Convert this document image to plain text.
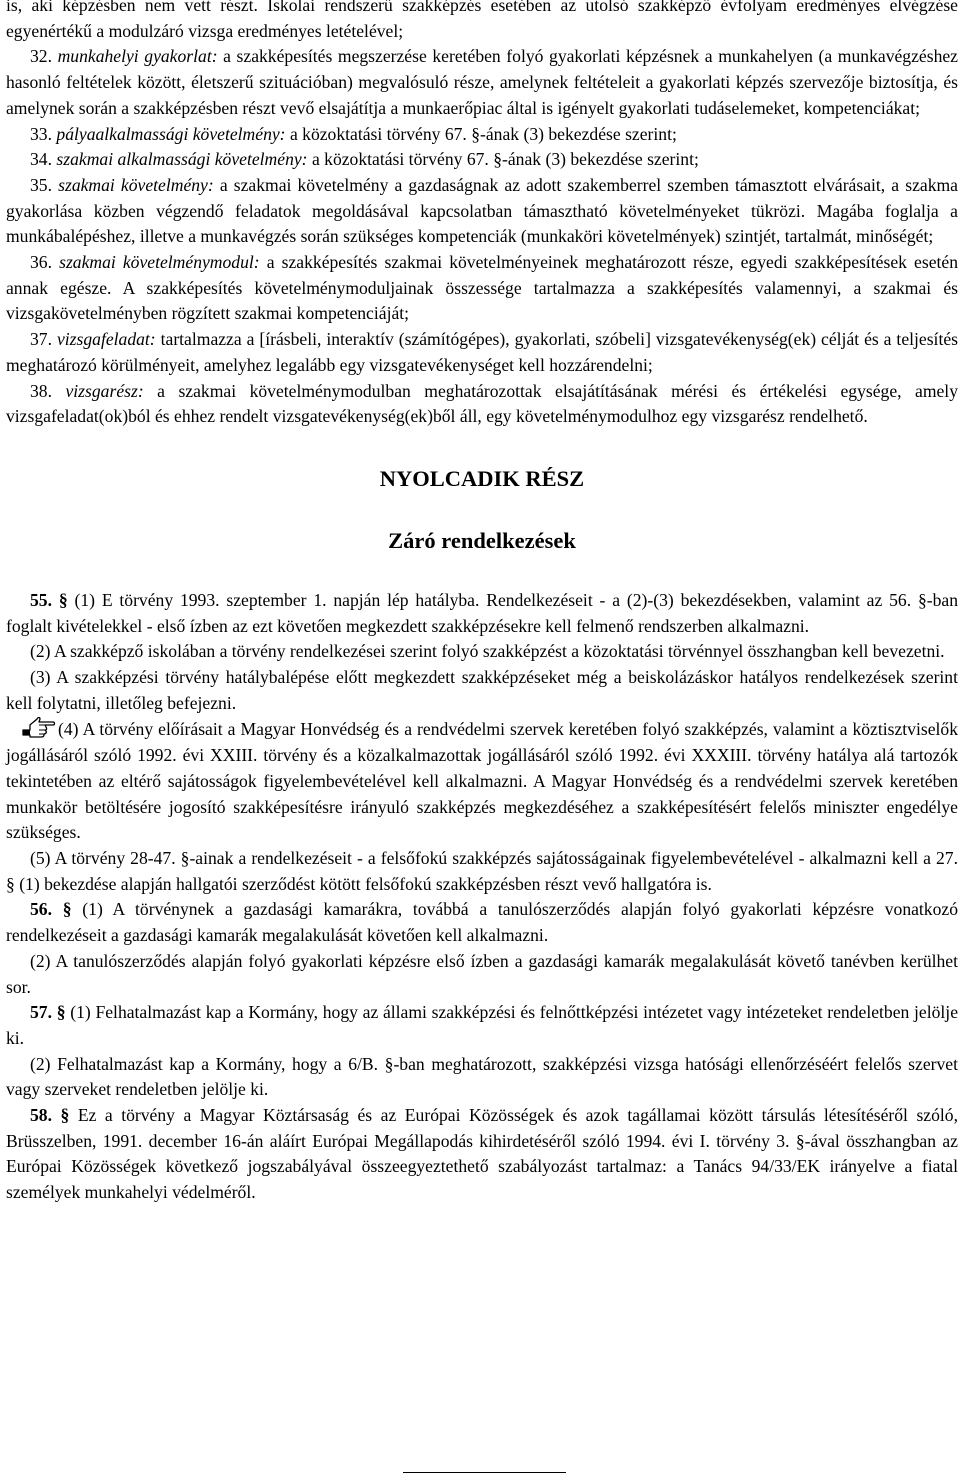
is, aki képzésben nem vett részt. Iskolai rendszerű szakképzés esetében az utolsó szakképző évfolyam eredményes elvégzése egyenértékű a modulzáró vizsga eredményes letételével;

32. munkahelyi gyakorlat: a szakképesítés megszerzése keretében folyó gyakorlati képzésnek a munkahelyen (a munkavégzéshez hasonló feltételek között, életszerű szituációban) megvalósuló része, amelynek feltételeit a gyakorlati képzés szervezője biztosítja, és amelynek során a szakképzésben részt vevő elsajátítja a munkaerőpiac által is igényelt gyakorlati tudáselemeket, kompetenciákat;

33. pályaalkalmassági követelmény: a közoktatási törvény 67. §-ának (3) bekezdése szerint;

34. szakmai alkalmassági követelmény: a közoktatási törvény 67. §-ának (3) bekezdése szerint;

35. szakmai követelmény: a szakmai követelmény a gazdaságnak az adott szakemberrel szemben támasztott elvárásait, a szakma gyakorlása közben végzendő feladatok megoldásával kapcsolatban támasztható követelményeket tükrözi. Magába foglalja a munkábalépéshez, illetve a munkavégzés során szükséges kompetenciák (munkaköri követelmények) szintjét, tartalmát, minőségét;

36. szakmai követelménymodul: a szakképesítés szakmai követelményeinek meghatározott része, egyedi szakképesítések esetén annak egésze. A szakképesítés követelménymoduljainak összessége tartalmazza a szakképesítés valamennyi, a szakmai és vizsgakövetelményben rögzített szakmai kompetenciáját;

37. vizsgafeladat: tartalmazza a [írásbeli, interaktív (számítógépes), gyakorlati, szóbeli] vizsgatevékenység(ek) célját és a teljesítés meghatározó körülményeit, amelyhez legalább egy vizsgatevékenységet kell hozzárendelni;

38. vizsgarész: a szakmai követelménymodulban meghatározottak elsajátításának mérési és értékelési egysége, amely vizsgafeladat(ok)ból és ehhez rendelt vizsgatevékenység(ek)ből áll, egy követelménymodulhoz egy vizsgarész rendelhető.

NYOLCADIK RÉSZ
Záró rendelkezések

55. § (1) E törvény 1993. szeptember 1. napján lép hatályba. Rendelkezéseit - a (2)-(3) bekezdésekben, valamint az 56. §-ban foglalt kivételekkel - első ízben az ezt követően megkezdett szakképzésekre kell felmenő rendszerben alkalmazni.

(2) A szakképző iskolában a törvény rendelkezései szerint folyó szakképzést a közoktatási törvénnyel összhangban kell bevezetni.

(3) A szakképzési törvény hatálybalépése előtt megkezdett szakképzéseket még a beiskolázáskor hatályos rendelkezések szerint kell folytatni, illetőleg befejezni.

(4) A törvény előírásait a Magyar Honvédség és a rendvédelmi szervek keretében folyó szakképzés, valamint a köztisztviselők jogállásáról szóló 1992. évi XXIII. törvény és a közalkalmazottak jogállásáról szóló 1992. évi XXXIII. törvény hatálya alá tartozók tekintetében az eltérő sajátosságok figyelembevételével kell alkalmazni. A Magyar Honvédség és a rendvédelmi szervek keretében munkakör betöltésére jogosító szakképesítésre irányuló szakképzés megkezdéséhez a szakképesítésért felelős miniszter engedélye szükséges.

(5) A törvény 28-47. §-ainak a rendelkezéseit - a felsőfokú szakképzés sajátosságainak figyelembevételével - alkalmazni kell a 27. § (1) bekezdése alapján hallgatói szerződést kötött felsőfokú szakképzésben részt vevő hallgatóra is.

56. § (1) A törvénynek a gazdasági kamarákra, továbbá a tanulószerződés alapján folyó gyakorlati képzésre vonatkozó rendelkezéseit a gazdasági kamarák megalakulását követően kell alkalmazni.

(2) A tanulószerződés alapján folyó gyakorlati képzésre első ízben a gazdasági kamarák megalakulását követő tanévben kerülhet sor.

57. § (1) Felhatalmazást kap a Kormány, hogy az állami szakképzési és felnőttképzési intézetet vagy intézeteket rendeletben jelölje ki.

(2) Felhatalmazást kap a Kormány, hogy a 6/B. §-ban meghatározott, szakképzési vizsga hatósági ellenőrzéséért felelős szervet vagy szerveket rendeletben jelölje ki.

58. § Ez a törvény a Magyar Köztársaság és az Európai Közösségek és azok tagállamai között társulás létesítéséről szóló, Brüsszelben, 1991. december 16-án aláírt Európai Megállapodás kihirdetéséről szóló 1994. évi I. törvény 3. §-ával összhangban az Európai Közösségek következő jogszabályával összeegyeztethető szabályozást tartalmaz: a Tanács 94/33/EK irányelve a fiatal személyek munkahelyi védelméről.
